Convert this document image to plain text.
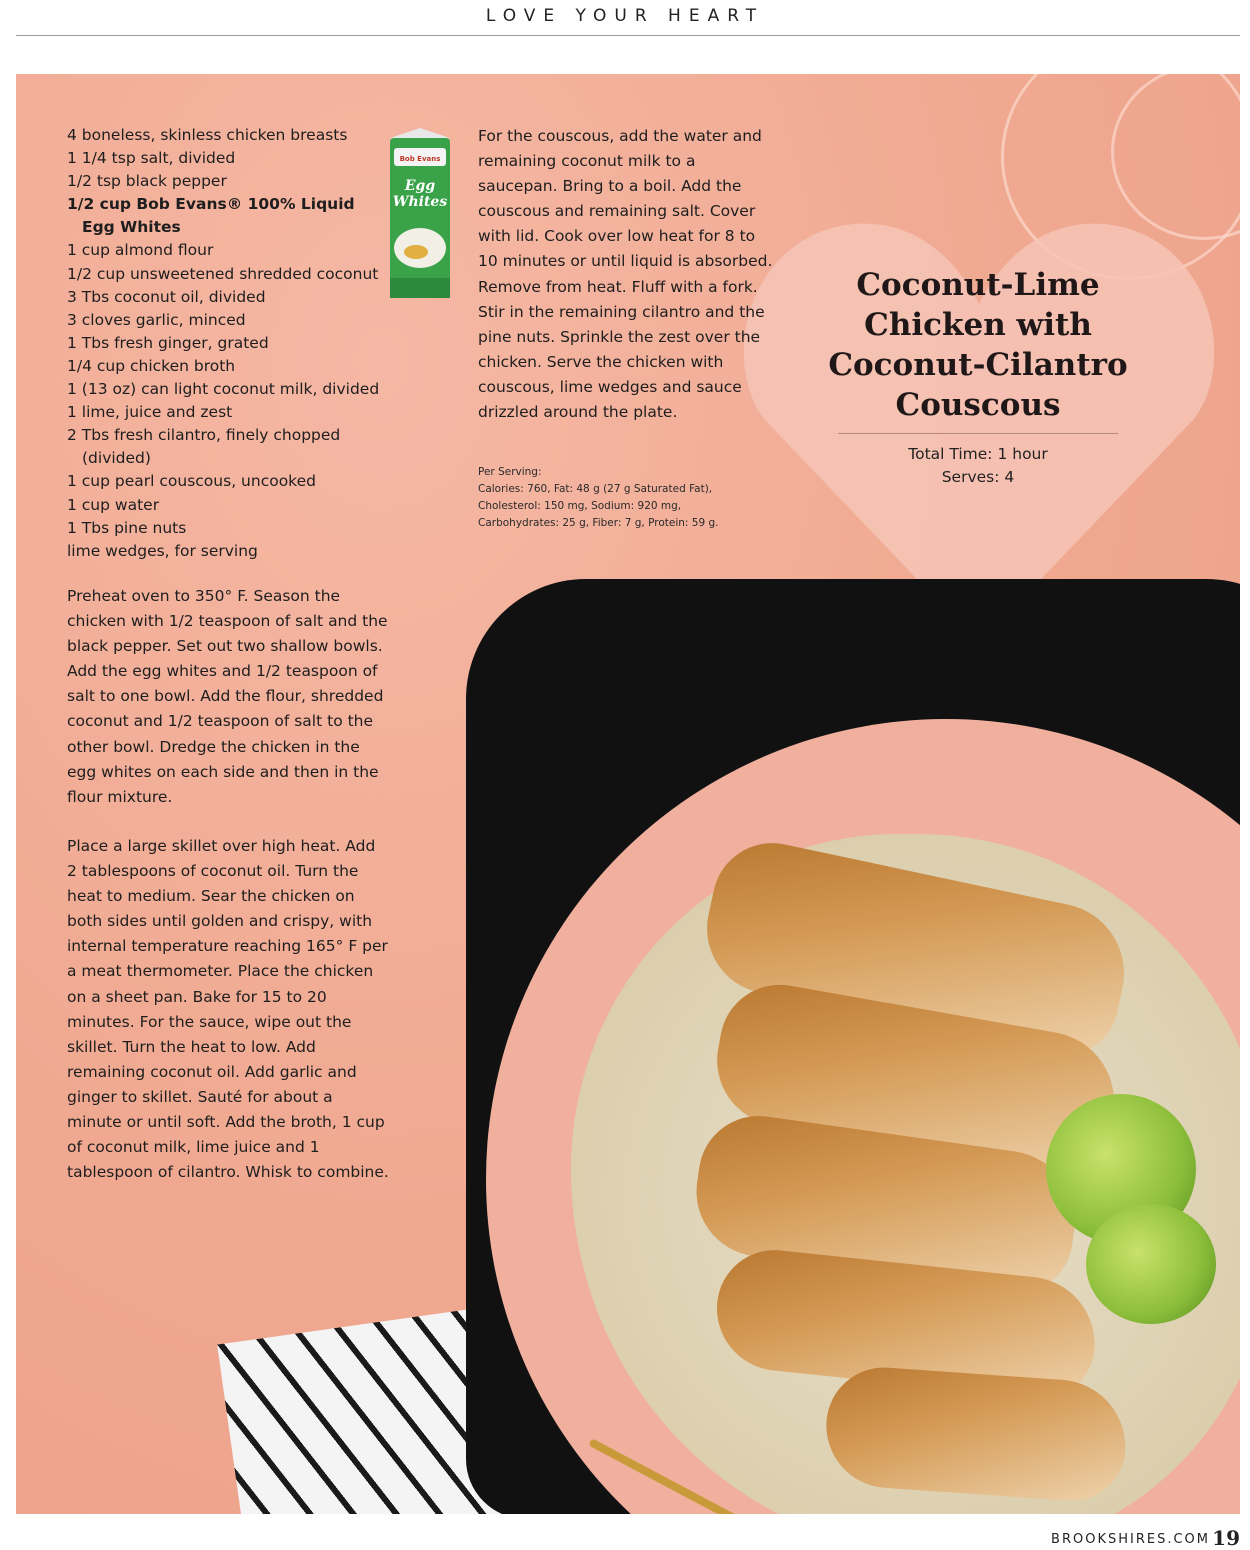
LOVE YOUR HEART
Bob Evans
Egg
Whites
4 boneless, skinless chicken breasts
1 1/4 tsp salt, divided
1/2 tsp black pepper
1/2 cup Bob Evans® 100% Liquid
Egg Whites
1 cup almond flour
1/2 cup unsweetened shredded coconut
3 Tbs coconut oil, divided
3 cloves garlic, minced
1 Tbs fresh ginger, grated
1/4 cup chicken broth
1 (13 oz) can light coconut milk, divided
1 lime, juice and zest
2 Tbs fresh cilantro, finely chopped
(divided)
1 cup pearl couscous, uncooked
1 cup water
1 Tbs pine nuts
lime wedges, for serving

Preheat oven to 350° F. Season the chicken with 1/2 teaspoon of salt and the black pepper. Set out two shallow bowls. Add the egg whites and 1/2 teaspoon of salt to one bowl. Add the flour, shredded coconut and 1/2 teaspoon of salt to the other bowl. Dredge the chicken in the egg whites on each side and then in the flour mixture.

Place a large skillet over high heat. Add 2 tablespoons of coconut oil. Turn the heat to medium. Sear the chicken on both sides until golden and crispy, with internal temperature reaching 165° F per a meat thermometer. Place the chicken on a sheet pan. Bake for 15 to 20 minutes. For the sauce, wipe out the skillet. Turn the heat to low. Add remaining coconut oil. Add garlic and ginger to skillet. Sauté for about a minute or until soft. Add the broth, 1 cup of coconut milk, lime juice and 1 tablespoon of cilantro. Whisk to combine.

For the couscous, add the water and remaining coconut milk to a saucepan. Bring to a boil. Add the couscous and remaining salt. Cover with lid. Cook over low heat for 8 to 10 minutes or until liquid is absorbed. Remove from heat. Fluff with a fork. Stir in the remaining cilantro and the pine nuts. Sprinkle the zest over the chicken. Serve the chicken with couscous, lime wedges and sauce drizzled around the plate.

Per Serving:
Calories: 760, Fat: 48 g (27 g Saturated Fat),
Cholesterol: 150 mg, Sodium: 920 mg,
Carbohydrates: 25 g, Fiber: 7 g, Protein: 59 g.
Coconut-Lime
Chicken with
Coconut-Cilantro
Couscous
Total Time: 1 hour
Serves: 4
BROOKSHIRES.COM 19
